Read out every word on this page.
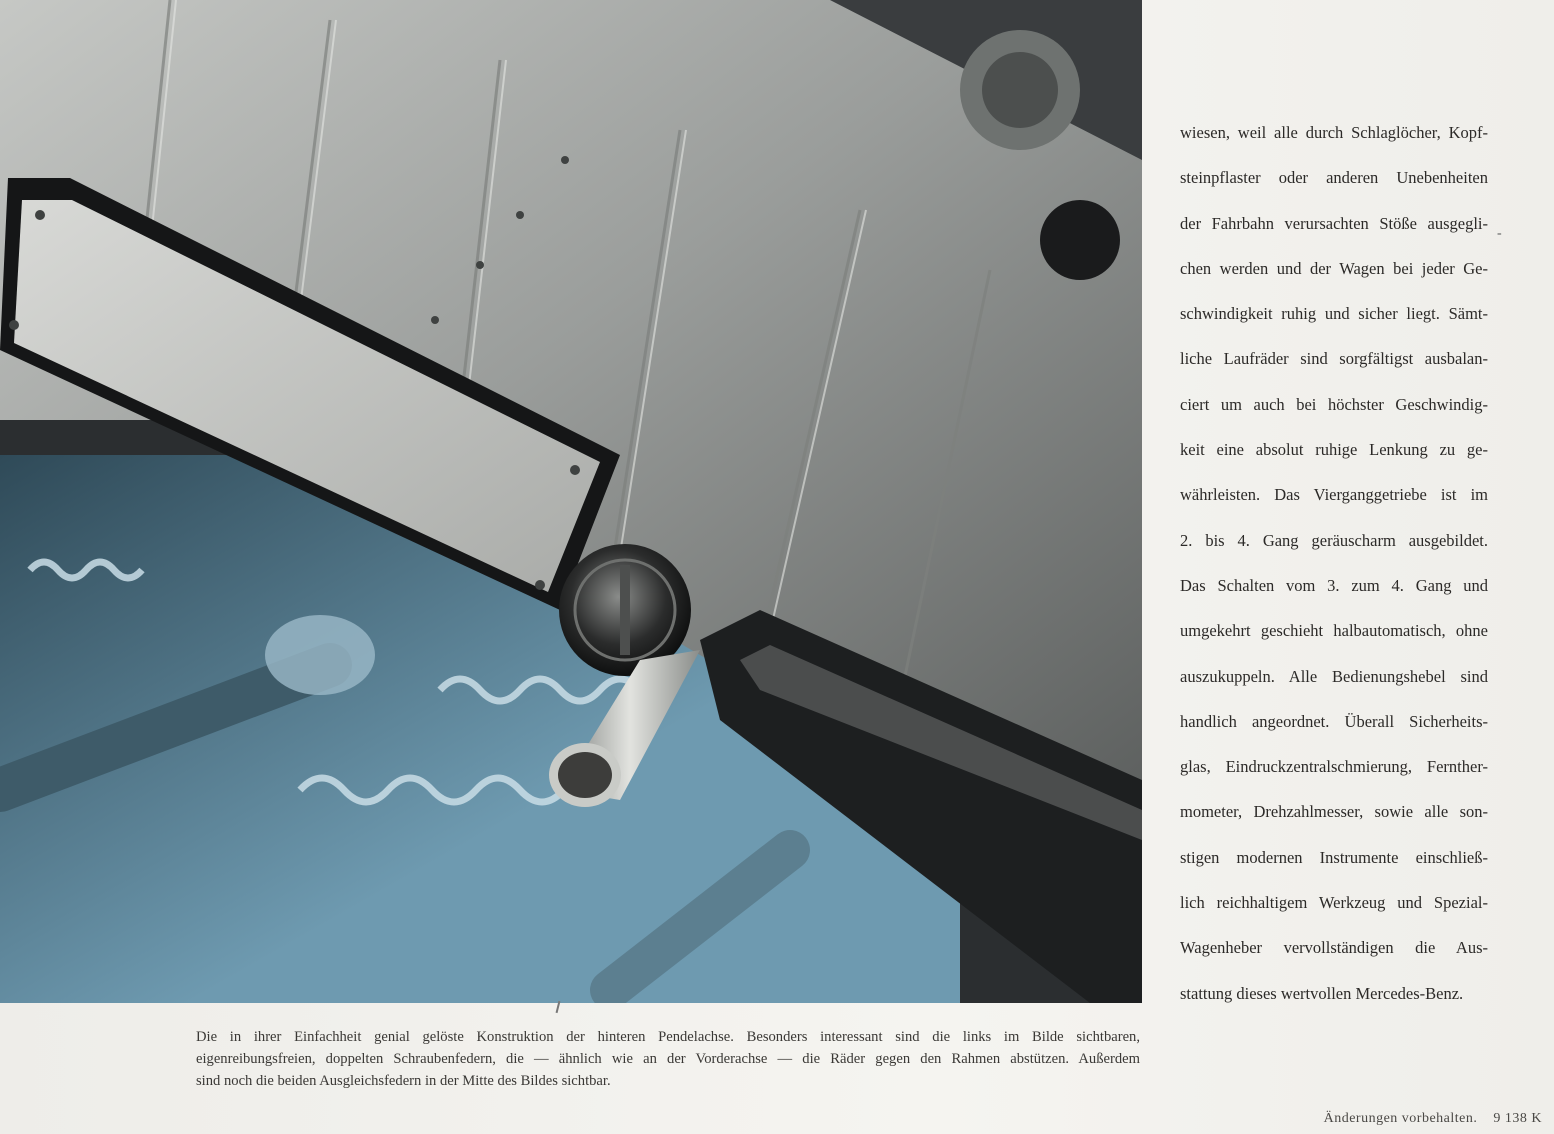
wiesen, weil alle durch Schlaglöcher, Kopf-
steinpflaster oder anderen Unebenheiten
der Fahrbahn verursachten Stöße ausgegli-
chen werden und der Wagen bei jeder Ge-
schwindigkeit ruhig und sicher liegt. Sämt-
liche Laufräder sind sorgfältigst ausbalan-
ciert um auch bei höchster Geschwindig-
keit eine absolut ruhige Lenkung zu ge-
währleisten. Das Vierganggetriebe ist im
2. bis 4. Gang geräuscharm ausgebildet.
Das Schalten vom 3. zum 4. Gang und
umgekehrt geschieht halbautomatisch, ohne
auszukuppeln. Alle Bedienungshebel sind
handlich angeordnet. Überall Sicherheits-
glas, Eindruckzentralschmierung, Fernther-
mometer, Drehzahlmesser, sowie alle son-
stigen modernen Instrumente einschließ-
lich reichhaltigem Werkzeug und Spezial-
Wagenheber vervollständigen die Aus-
stattung dieses wertvollen Mercedes-Benz.
-
Die in ihrer Einfachheit genial gelöste Konstruktion der hinteren Pendelachse. Besonders interessant sind die links im Bilde sichtbaren,
eigenreibungsfreien, doppelten Schraubenfedern, die — ähnlich wie an der Vorderachse — die Räder gegen den Rahmen abstützen. Außerdem
sind noch die beiden Ausgleichsfedern in der Mitte des Bildes sichtbar.
Änderungen vorbehalten. 9 138 K
